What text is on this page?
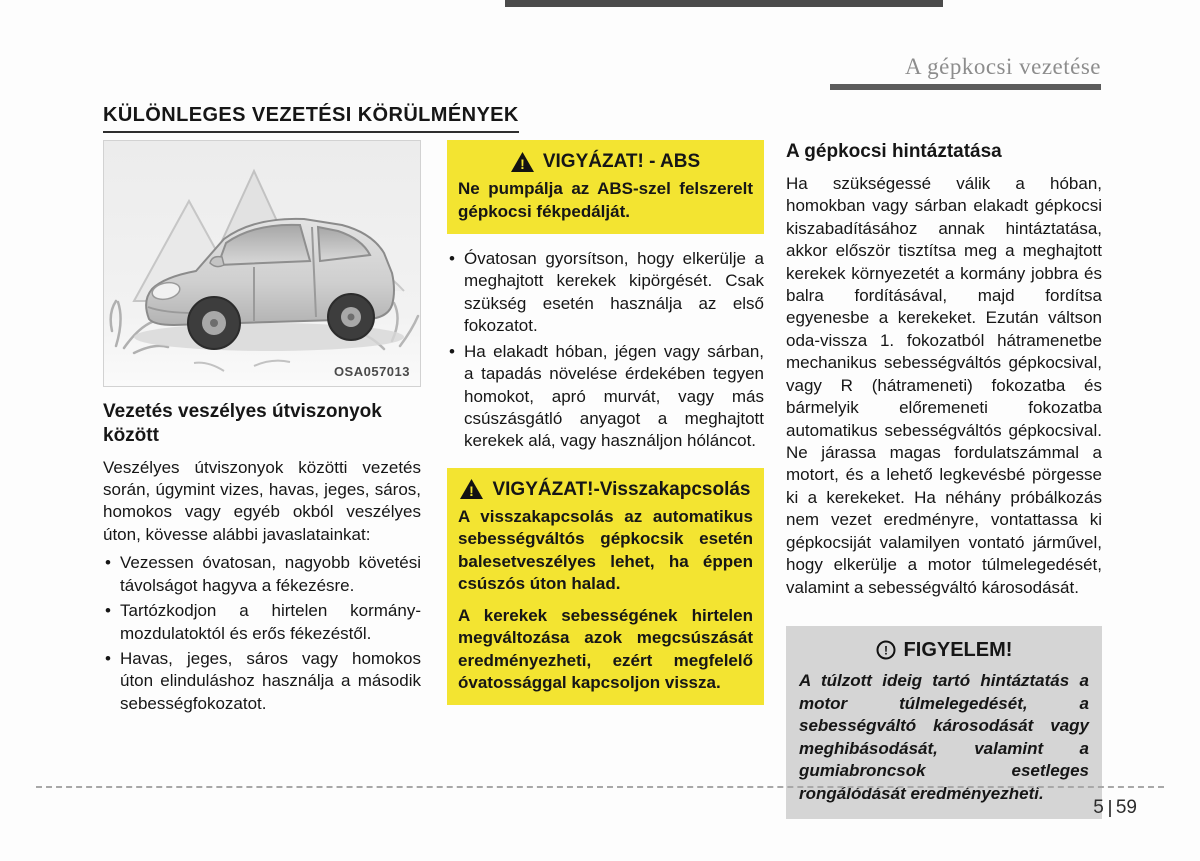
A gépkocsi vezetése
KÜLÖNLEGES VEZETÉSI KÖRÜLMÉNYEK
OSA057013
Vezetés veszélyes útviszonyok között
Veszélyes útviszonyok közötti vezetés során, úgymint vizes, havas, jeges, sáros, homokos vagy egyéb okból veszélyes úton, kövesse alábbi javaslatainkat:
• Vezessen óvatosan, nagyobb követési távolságot hagyva a fékezésre.
• Tartózkodjon a hirtelen kormánymozdulatoktól és erős fékezéstől.
• Havas, jeges, sáros vagy homokos úton elinduláshoz használja a második sebességfokozatot.
! VIGYÁZAT! - ABS
Ne pumpálja az ABS-szel felszerelt gépkocsi fékpedálját.
• Óvatosan gyorsítson, hogy elkerülje a meghajtott kerekek kipörgését. Csak szükség esetén használja az első fokozatot.
• Ha elakadt hóban, jégen vagy sárban, a tapadás növelése érdekében tegyen homokot, apró murvát, vagy más csúszásgátló anyagot a meghajtott kerekek alá, vagy használjon hóláncot.
! VIGYÁZAT!-Visszakapcsolás
A visszakapcsolás az automatikus sebességváltós gépkocsik esetén balesetveszélyes lehet, ha éppen csúszós úton halad.
A kerekek sebességének hirtelen megváltozása azok megcsúszását eredményezheti, ezért megfelelő óvatossággal kapcsoljon vissza.
A gépkocsi hintáztatása
Ha szükségessé válik a hóban, homokban vagy sárban elakadt gépkocsi kiszabadításához annak hintáztatása, akkor először tisztítsa meg a meghajtott kerekek környezetét a kormány jobbra és balra fordításával, majd fordítsa egyenesbe a kerekeket. Ezután váltson oda-vissza 1. fokozatból hátramenetbe mechanikus sebességváltós gépkocsival, vagy R (hátrameneti) fokozatba és bármelyik előremeneti fokozatba automatikus sebességváltós gépkocsival. Ne járassa magas fordulatszámmal a motort, és a lehető legkevésbé pörgesse ki a kerekeket. Ha néhány próbálkozás nem vezet eredményre, vontattassa ki gépkocsiját valamilyen vontató járművel, hogy elkerülje a motor túlmelegedését, valamint a sebességváltó károsodását.
! FIGYELEM!
A túlzott ideig tartó hintáztatás a motor túlmelegedését, a sebességváltó károsodását vagy meghibásodását, valamint a gumiabroncsok esetleges rongálódását eredményezheti.
5 59
